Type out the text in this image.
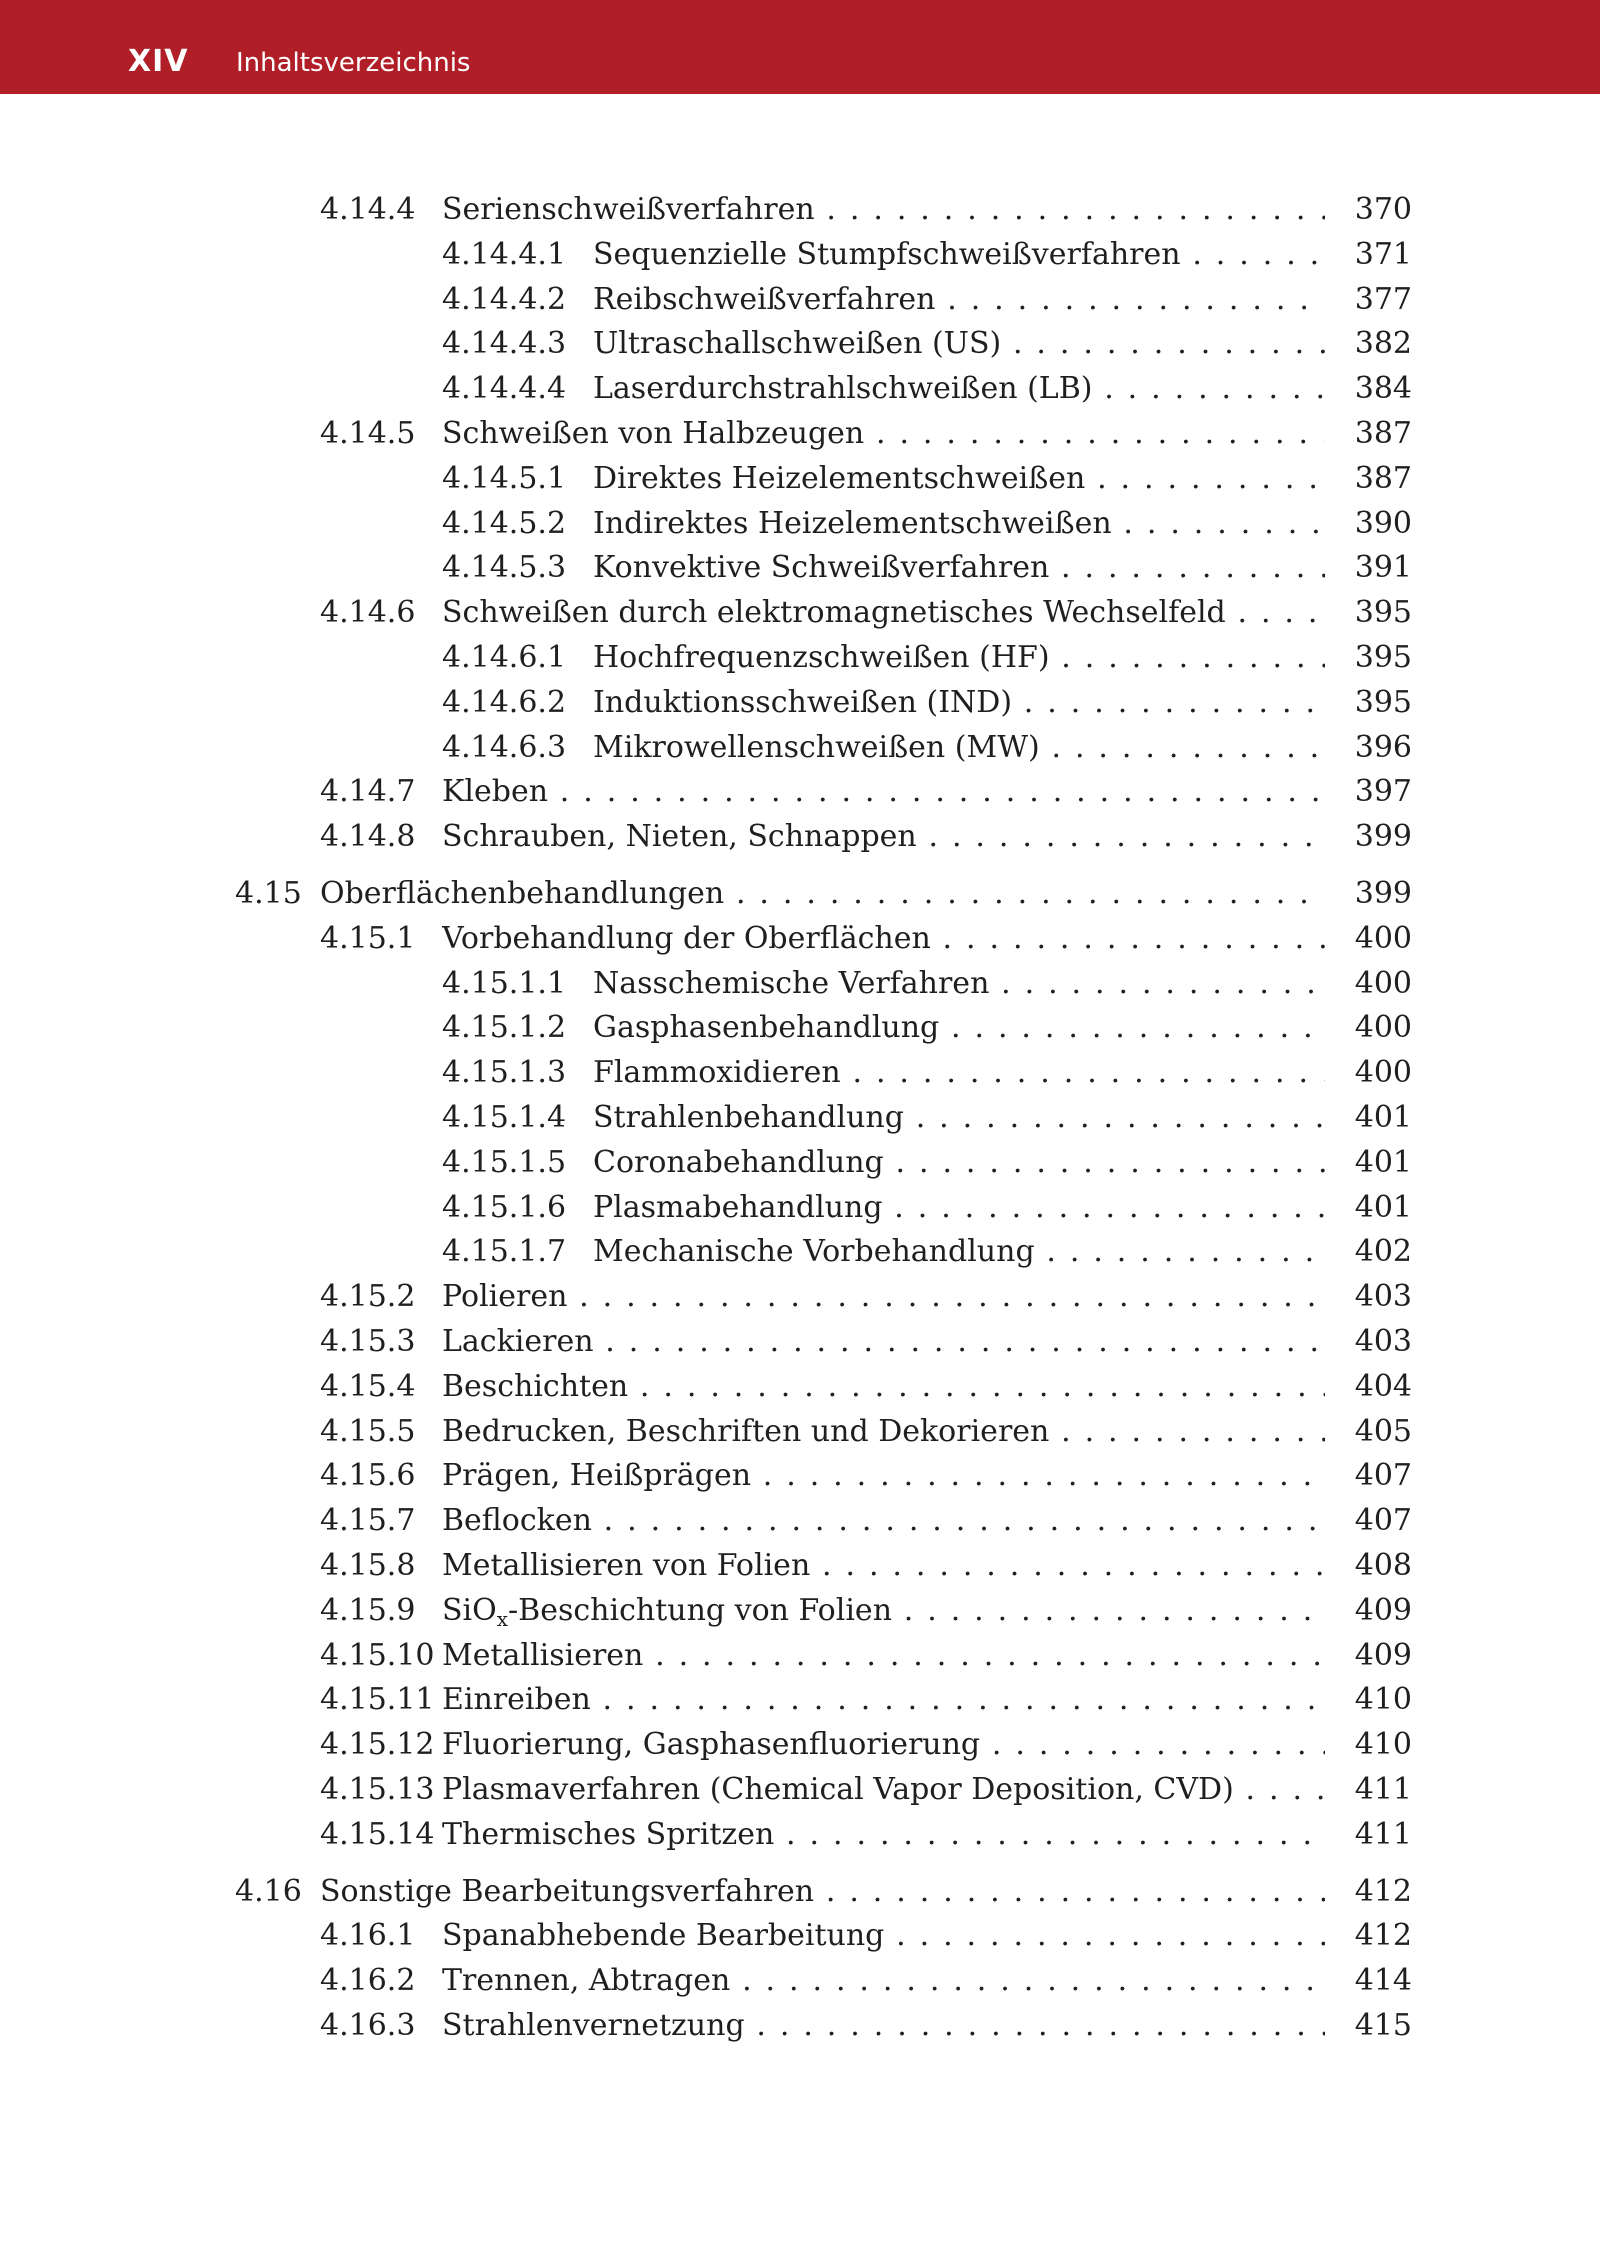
XIV Inhaltsverzeichnis
4.14.4 Serienschweißverfahren . . .	370
4.14.4.1 Sequenzielle Stumpfschweißverfahren . . .	371
4.14.4.2 Reibschweißverfahren . . .	377
4.14.4.3 Ultraschallschweißen (US) . . .	382
4.14.4.4 Laserdurchstrahlschweißen (LB) . . .	384
4.14.5 Schweißen von Halbzeugen . . .	387
4.14.5.1 Direktes Heizelementschweißen . . .	387
4.14.5.2 Indirektes Heizelementschweißen . . .	390
4.14.5.3 Konvektive Schweißverfahren . . .	391
4.14.6 Schweißen durch elektromagnetisches Wechselfeld . . .	395
4.14.6.1 Hochfrequenzschweißen (HF) . . .	395
4.14.6.2 Induktionsschweißen (IND) . . .	395
4.14.6.3 Mikrowellenschweißen (MW) . . .	396
4.14.7 Kleben . . .	397
4.14.8 Schrauben, Nieten, Schnappen . . .	399
4.15 Oberflächenbehandlungen . . .	399
4.15.1 Vorbehandlung der Oberflächen . . .	400
4.15.1.1 Nasschemische Verfahren . . .	400
4.15.1.2 Gasphasenbehandlung . . .	400
4.15.1.3 Flammoxidieren . . .	400
4.15.1.4 Strahlenbehandlung . . .	401
4.15.1.5 Coronabehandlung . . .	401
4.15.1.6 Plasmabehandlung . . .	401
4.15.1.7 Mechanische Vorbehandlung . . .	402
4.15.2 Polieren . . .	403
4.15.3 Lackieren . . .	403
4.15.4 Beschichten . . .	404
4.15.5 Bedrucken, Beschriften und Dekorieren . . .	405
4.15.6 Prägen, Heißprägen . . .	407
4.15.7 Beflocken . . .	407
4.15.8 Metallisieren von Folien . . .	408
4.15.9 SiO$_x$-Beschichtung von Folien . . .	409
4.15.10 Metallisieren . . .	409
4.15.11 Einreiben . . .	410
4.15.12 Fluorierung, Gasphasenfluorierung . . .	410
4.15.13 Plasmaverfahren (Chemical Vapor Deposition, CVD) . . .	411
4.15.14 Thermisches Spritzen . . .	411
4.16 Sonstige Bearbeitungsverfahren . . .	412
4.16.1 Spanabhebende Bearbeitung . . .	412
4.16.2 Trennen, Abtragen . . .	414
4.16.3 Strahlenvernetzung . . .	415
